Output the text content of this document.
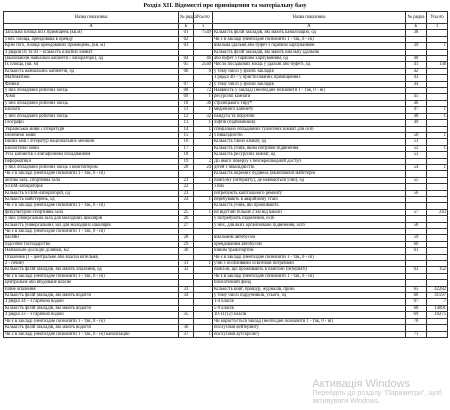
Розділ XII. Відомості про приміщення та матеріальну базу
Назва показника	№ рядка	Усього	Назва показника	№ рядка	Усього
А	Б	1	А	Б	1
Загальна площа всіх приміщень (кв.м)	01	7549	Кількість філій закладів, які мають каналізацію, од	38	
з неї: площа, орендована в оренду	02		Чи є в закладі (необхідне позначити 1 - так, 0 - ні)		
Крім того, площа орендованих приміщень, (кв. м)	03		шкільна їдальня або буфет з гарячим харчуванням	39	1
З рядків 01 та 03 – кількість класних кімнат			Кількість філій закладів, які мають шкільну їдальню		
(включаючи навчальні кабінети і лабораторії), од	04	46	або буфет з гарячим харчуванням, од	40	
Їх площа, (кв. м)	05	2540	Число посадкових місць у їдальні або буфеті, од	41	138
Кількість навчальних кабінетів, од	06	6	у тому числі у філіях закладів	42	
Математики			З рядка 40 – у пристосованих приміщеннях	43	
Фізики	07	2	у тому числі у філіях закладів	44	
у них обладнано робочих місць	08	72	Наявність у закладі (необхідне позначити 1 - так, 0 - ні)		
Хімії	09	1	ресурсної кімнати	45	
у них обладнано робочих місць	10	36	стрілецького тиру*	46	
Біології	11	1	медичного кабінету	47	1
у них обладнано робочих місць	12	32	пандуса та поручнів	48	1
Географії	13	1	ліфтів (підйомників)	49	
Української мови і літератури	14	1	спеціально обладнаних туалетних кімнат для осіб		
Іноземної мови	15	2	з інвалідністю	50	1
Інших мов і літератур національних меншин	16		Кількість таких кімнат, од	51	
Біологічної мови	17		Кількість учнів, яким потрібне підвезення	52	1
Усіх кабінетів з лінгафонним обладнанням	18		Кількість ресурсних кімнат, од	53	
Інформатики	19	2	До якого поверху є безперешкодний доступ		
у них обладнано робочих місць з комп'ютером	20	24	дітей з інвалідністю	54	1
Чи є в закладі (необхідне позначити 1 - так, 0 - ні)			Кількість окремих будівель (включаючи майстерні		
актова зала, спортивна зала	21	1	пансіону (інтернату), де навчаються учні), од	55	
STEM-лабораторія	22		з них		
Кількість STEM-лабораторій, од	23		потребують капітального ремонту	56	
Кількість майстерень, од	24	1	перебувають в аварійному стані		
Чи є в закладі (необхідне позначити 1 - так, 0 - ні)			Кількість учнів, які проживають		
фізкультурно-спортивна зала	25	1	на відстані більше 2 км від школи	57	243
у них універсальна зала для молодших школярів	26		у потребують підвезення, осіб		
Кількість універсальних зал для молодших школярів	27		у них, для яких організовано підвезення, осіб	58	
Чи є в закладі (необхідне позначити 1 - так, 0 - ні)					
басейн	28		шкільним автобусом	59	
підсобне господарство	29		орендованим автобусом	60	
Навчально-дослідні ділянки, м2	30		іншим транспортом	61	
Опалення (1 - центральне або власна котельня,			Чи є в закладі (необхідне позначити 1 - так, 0 - ні)		
2 - пічне)	31	1	учні з особливими освітніми потребами		
Кількість філій закладів, які мають опалення, од	32		пансіон, що проживають в пансіоні (інтернаті)	63	152
Чи є в закладі (необхідне позначити 1 - так, 0 - ні)			Чи є в закладі (необхідне позначити 1 - так, 0 - ні)		
центральне або вбудоване власне			бібліотечний фонд		
пічне опалення	33		Кількість книг, брошур, журналів, прим.	65	42282
Кількість філій закладів, які мають водогін	34		у тому числі підручників, усього, од	66	31597
З рядка 34 – з гарячою водою			1-4 класів	67	7
Кількість філій закладів, які мають водогін			5-9 класів	68	14891
З рядка 33 – з гарячою водою	35		10-11(12) класів	69	10275
Чи є в закладі (необхідне позначити 1 - так, 0 - ні)			Чи користується заклад (необхідне позначити 1 - так, 0 - ні)	70	
Кількість філій закладів, які мають водогін	36		послугами кейтерингу		
Чи є в закладі (необхідне позначити 1 - так, 0 - ні) каналізацію	37	1	послугами аутсорсінгу	71	
Активація Windows
Перейдіть до розділу "Параметри", щоб
активувати Windows.
